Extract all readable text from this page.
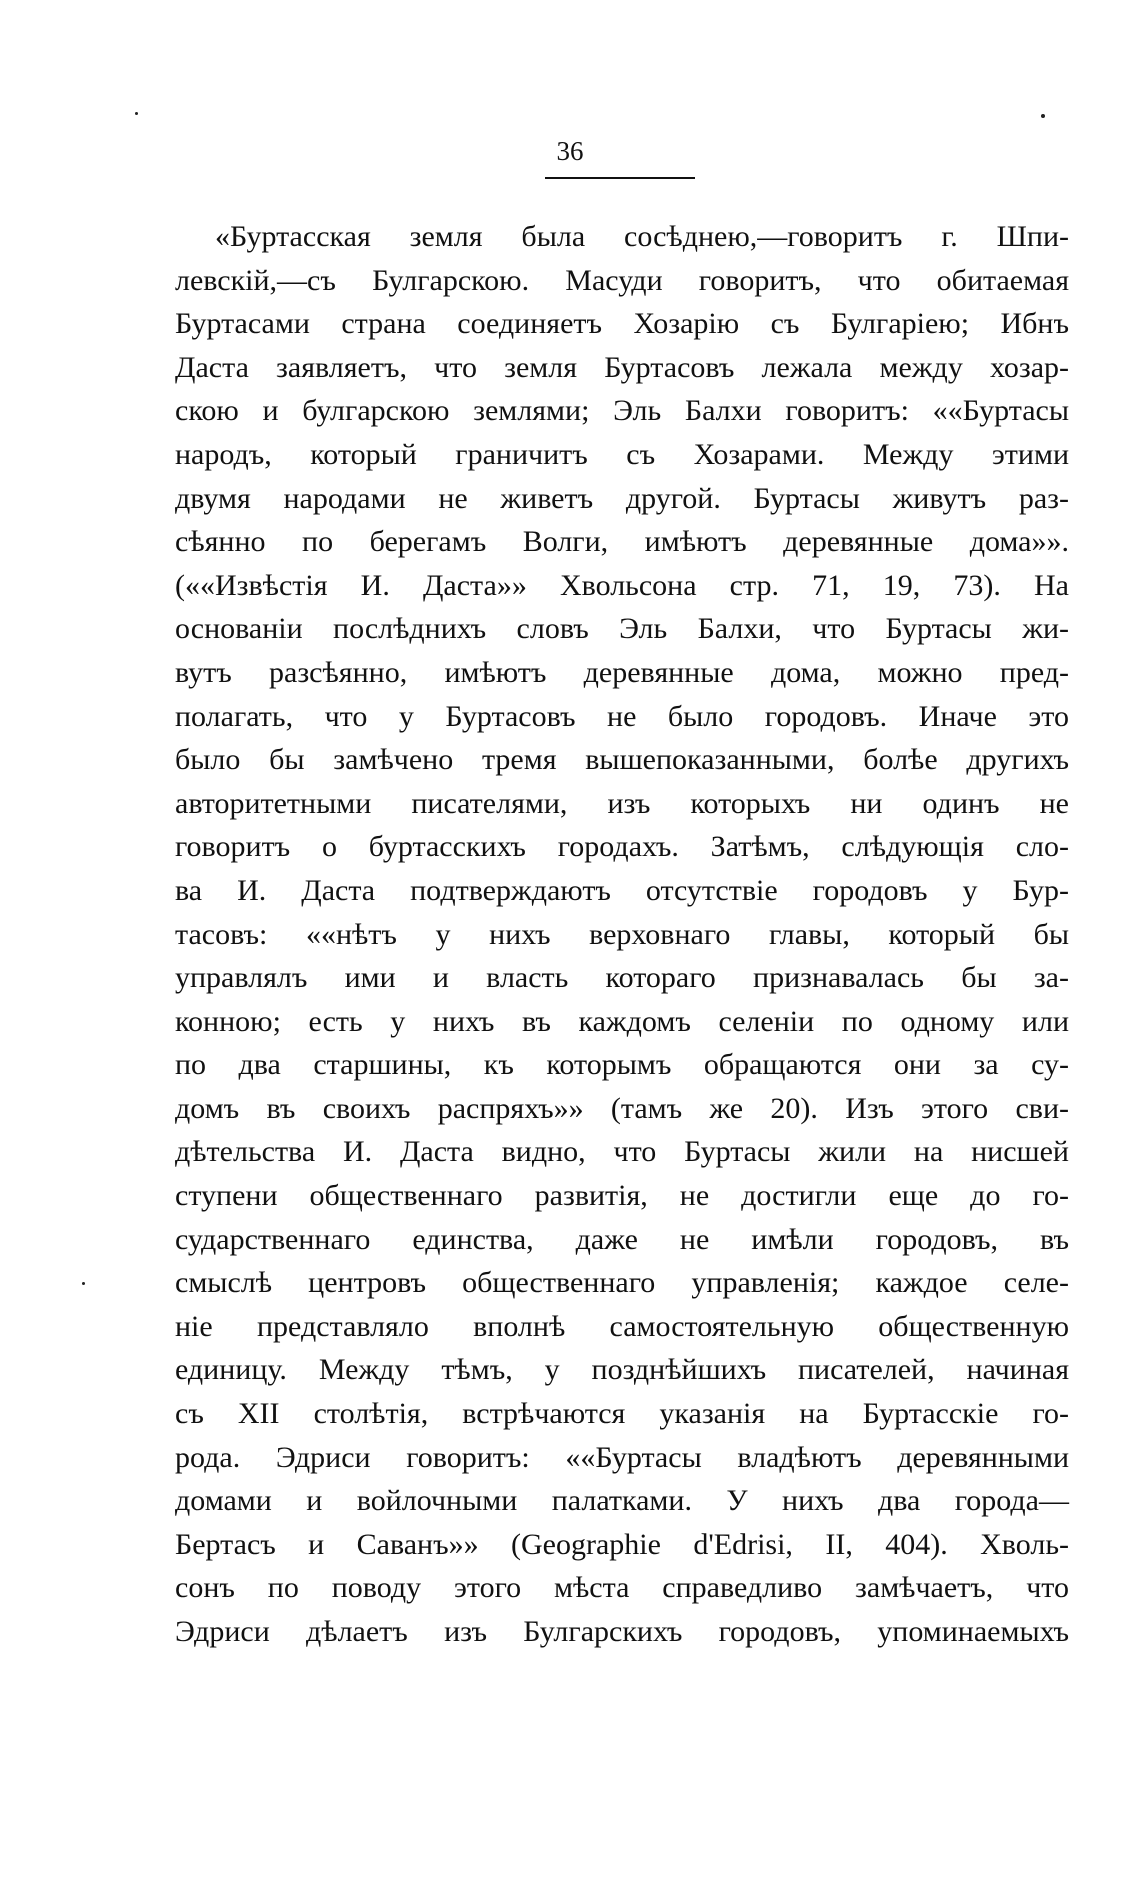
36
«Буртасская земля была сосѣднею,—говоритъ г. Шпи-
левскій,—съ Булгарскою. Масуди говоритъ, что обитаемая
Буртасами страна соединяетъ Хозарію съ Булгаріею; Ибнъ
Даста заявляетъ, что земля Буртасовъ лежала между хозар-
скою и булгарскою землями; Эль Балхи говоритъ: ««Буртасы
народъ, который граничитъ съ Хозарами. Между этими
двумя народами не живетъ другой. Буртасы живутъ раз-
сѣянно по берегамъ Волги, имѣютъ деревянные дома»».
(««Извѣстія И. Даста»» Хвольсона стр. 71, 19, 73). На
основаніи послѣднихъ словъ Эль Балхи, что Буртасы жи-
вутъ разсѣянно, имѣютъ деревянные дома, можно пред-
полагать, что у Буртасовъ не было городовъ. Иначе это
было бы замѣчено тремя вышепоказанными, болѣе другихъ
авторитетными писателями, изъ которыхъ ни одинъ не
говоритъ о буртасскихъ городахъ. Затѣмъ, слѣдующія сло-
ва И. Даста подтверждаютъ отсутствіе городовъ у Бур-
тасовъ: ««нѣтъ у нихъ верховнаго главы, который бы
управлялъ ими и власть котораго признавалась бы за-
конною; есть у нихъ въ каждомъ селеніи по одному или
по два старшины, къ которымъ обращаются они за су-
домъ въ своихъ распряхъ»» (тамъ же 20). Изъ этого сви-
дѣтельства И. Даста видно, что Буртасы жили на нисшей
ступени общественнаго развитія, не достигли еще до го-
сударственнаго единства, даже не имѣли городовъ, въ
смыслѣ центровъ общественнаго управленія; каждое селе-
ніе представляло вполнѣ самостоятельную общественную
единицу. Между тѣмъ, у позднѣйшихъ писателей, начиная
съ XII столѣтія, встрѣчаются указанія на Буртасскіе го-
рода. Эдриси говоритъ: ««Буртасы владѣютъ деревянными
домами и войлочными палатками. У нихъ два города—
Бертасъ и Саванъ»» (Geographie d'Edrisi, II, 404). Хволь-
сонъ по поводу этого мѣста справедливо замѣчаетъ, что
Эдриси дѣлаетъ изъ Булгарскихъ городовъ, упоминаемыхъ
